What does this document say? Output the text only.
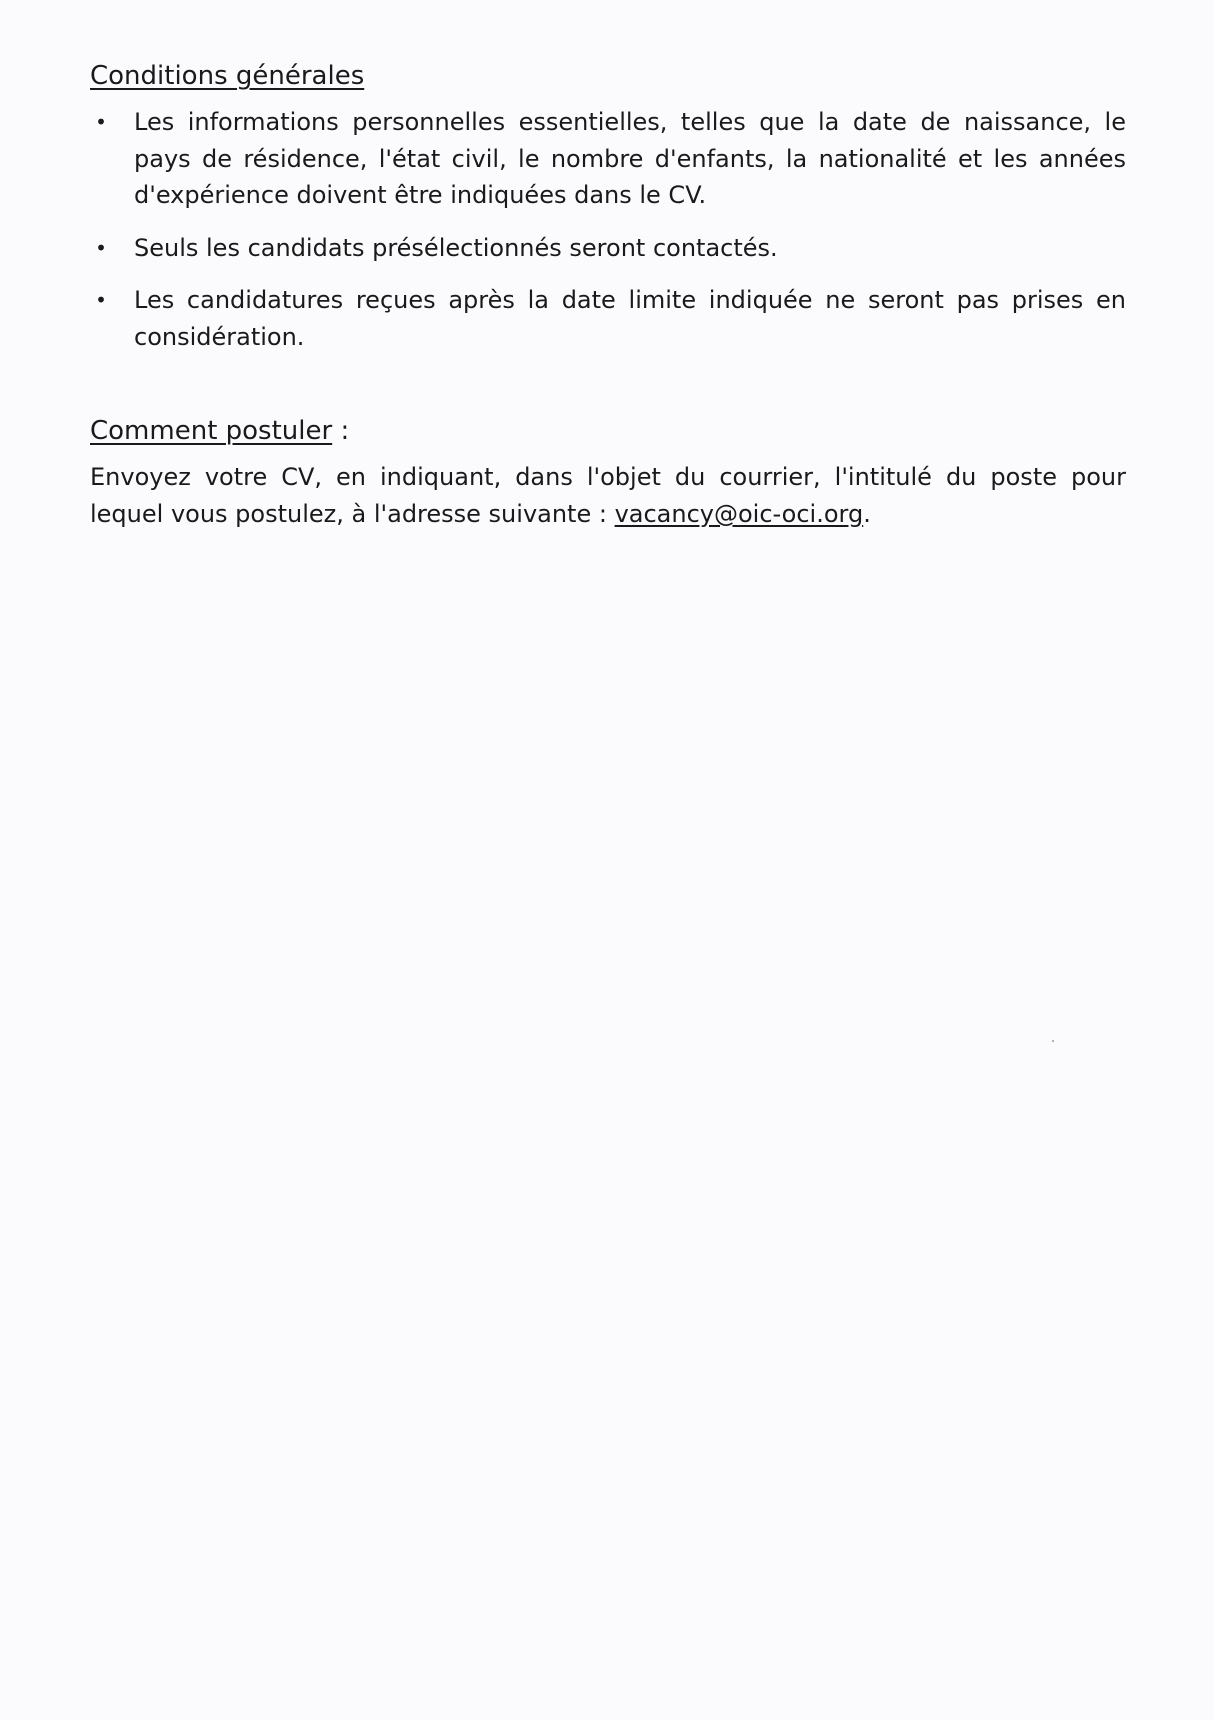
Conditions générales
• Les informations personnelles essentielles, telles que la date de naissance, le pays de résidence, l'état civil, le nombre d'enfants, la nationalité et les années d'expérience doivent être indiquées dans le CV.
• Seuls les candidats présélectionnés seront contactés.
• Les candidatures reçues après la date limite indiquée ne seront pas prises en considération.
Comment postuler :

Envoyez votre CV, en indiquant, dans l'objet du courrier, l'intitulé du poste pour lequel vous postulez, à l'adresse suivante : vacancy@oic-oci.org.
